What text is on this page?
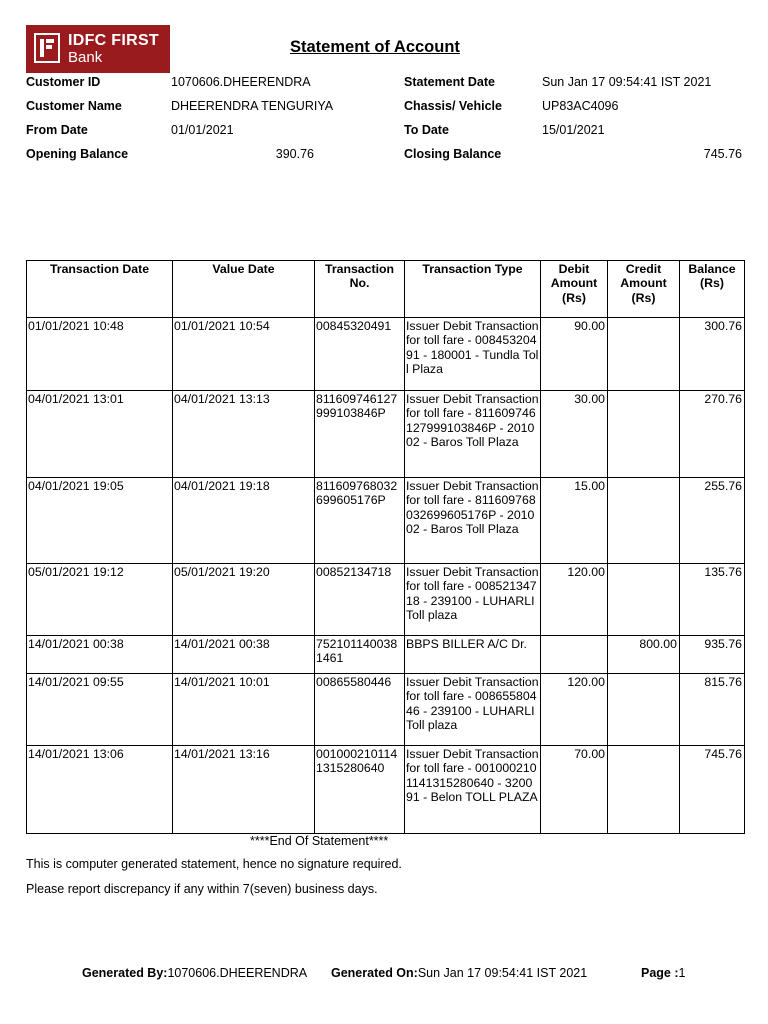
IDFC FIRST
Bank
Statement of Account
Customer ID	1070606.DHEERENDRA
Customer Name	DHEERENDRA TENGURIYA
From Date	01/01/2021
Opening Balance	390.76
Statement Date	Sun Jan 17 09:54:41 IST 2021
Chassis/ Vehicle	UP83AC4096
To Date	15/01/2021
Closing Balance	745.76
Transaction Date	Value Date	Transaction No.	Transaction Type	Debit Amount (Rs)	Credit Amount (Rs)	Balance (Rs)
01/01/2021 10:48	01/01/2021 10:54	00845320491	Issuer Debit Transaction for toll fare - 00845320491 - 180001 - Tundla Toll Plaza	90.00		300.76
04/01/2021 13:01	04/01/2021 13:13	811609746127999103846P	Issuer Debit Transaction for toll fare - 811609746127999103846P - 201002 - Baros Toll Plaza	30.00		270.76
04/01/2021 19:05	04/01/2021 19:18	811609768032699605176P	Issuer Debit Transaction for toll fare - 811609768032699605176P - 201002 - Baros Toll Plaza	15.00		255.76
05/01/2021 19:12	05/01/2021 19:20	00852134718	Issuer Debit Transaction for toll fare - 00852134718 - 239100 - LUHARLI Toll plaza	120.00		135.76
14/01/2021 00:38	14/01/2021 00:38	7521011400381461	BBPS BILLER A/C Dr.		800.00	935.76
14/01/2021 09:55	14/01/2021 10:01	00865580446	Issuer Debit Transaction for toll fare - 00865580446 - 239100 - LUHARLI Toll plaza	120.00		815.76
14/01/2021 13:06	14/01/2021 13:16	0010002101141315280640	Issuer Debit Transaction for toll fare - 0010002101141315280640 - 320091 - Belon TOLL PLAZA	70.00		745.76
****End Of Statement****
This is computer generated statement, hence no signature required.
Please report discrepancy if any within 7(seven) business days.
Generated By:1070606.DHEERENDRA Generated On:Sun Jan 17 09:54:41 IST 2021	Page :1
